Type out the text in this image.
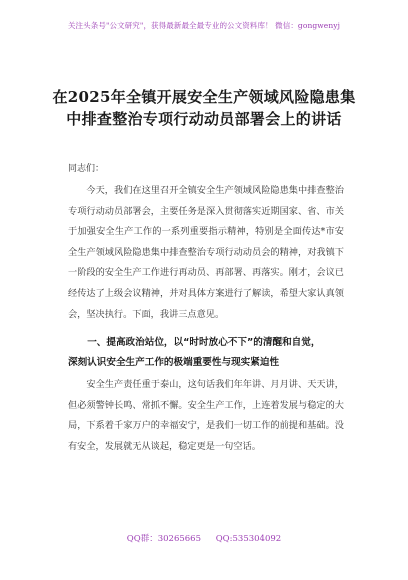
关注头条号"公文研究"，获得最新最全最专业的公文资料库！ 微信：gongwenyj
在2025年全镇开展安全生产领域风险隐患集
中排查整治专项行动动员部署会上的讲话
同志们：
今天，我们在这里召开全镇安全生产领域风险隐患集中排查整治专项行动动员部署会，主要任务是深入贯彻落实近期国家、省、市关于加强安全生产工作的一系列重要指示精神，特别是全面传达*市安全生产领域风险隐患集中排查整治专项行动动员会的精神，对我镇下一阶段的安全生产工作进行再动员、再部署、再落实。刚才，会议已经传达了上级会议精神，并对具体方案进行了解读，希望大家认真领会，坚决执行。下面，我讲三点意见。
一、提高政治站位，以“时时放心不下”的清醒和自觉，
深刻认识安全生产工作的极端重要性与现实紧迫性
安全生产责任重于泰山，这句话我们年年讲、月月讲、天天讲，但必须警钟长鸣、常抓不懈。安全生产工作，上连着发展与稳定的大局，下系着千家万户的幸福安宁，是我们一切工作的前提和基础。没有安全，发展就无从谈起，稳定更是一句空话。
QQ群：30265665 QQ:535304092
